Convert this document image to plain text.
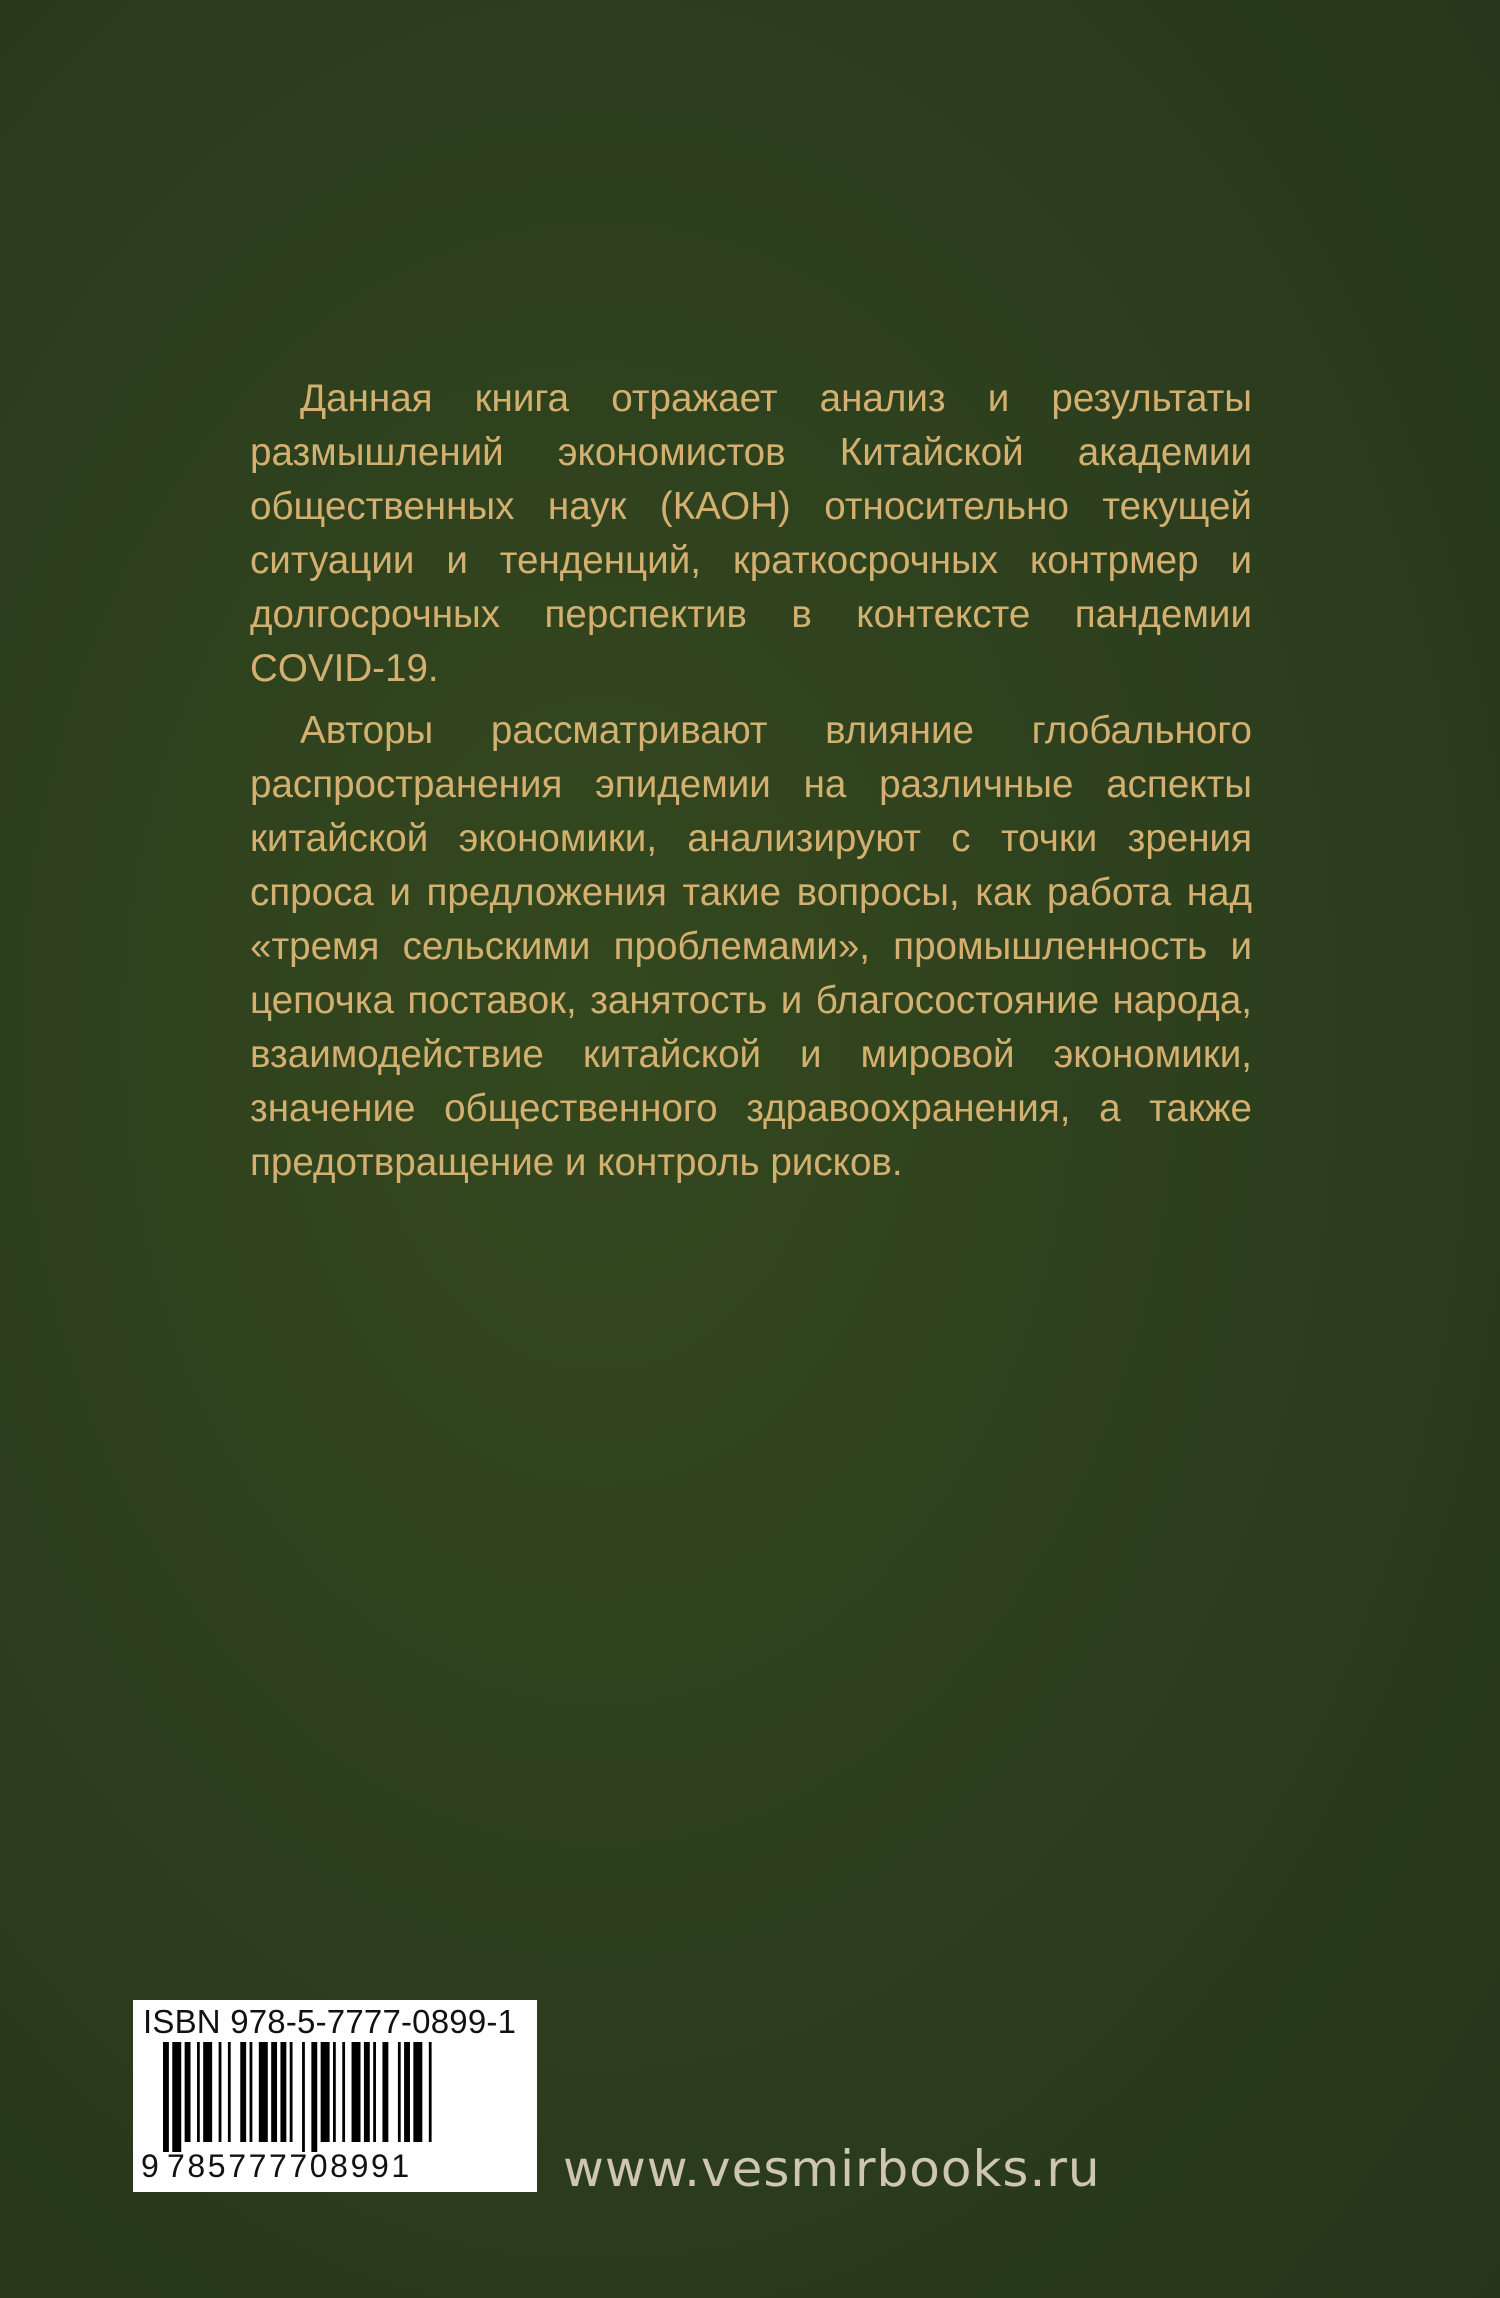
Данная книга отражает анализ и результаты размышлений экономистов Китайской академии общественных наук (КАОН) относительно текущей ситуации и тенденций, краткосрочных контрмер и долгосрочных перспектив в контексте пандемии COVID-19.

Авторы рассматривают влияние глобального распространения эпидемии на различные аспекты китайской экономики, анализируют с точки зрения спроса и предложения такие вопросы, как работа над «тремя сельскими проблемами», промышленность и цепочка поставок, занятость и благосостояние народа, взаимодействие китайской и мировой экономики, значение общественного здравоохранения, а также предотвращение и контроль рисков.

ISBN 978-5-7777-0899-1
9 785777708991	www.vesmirbooks.ru
